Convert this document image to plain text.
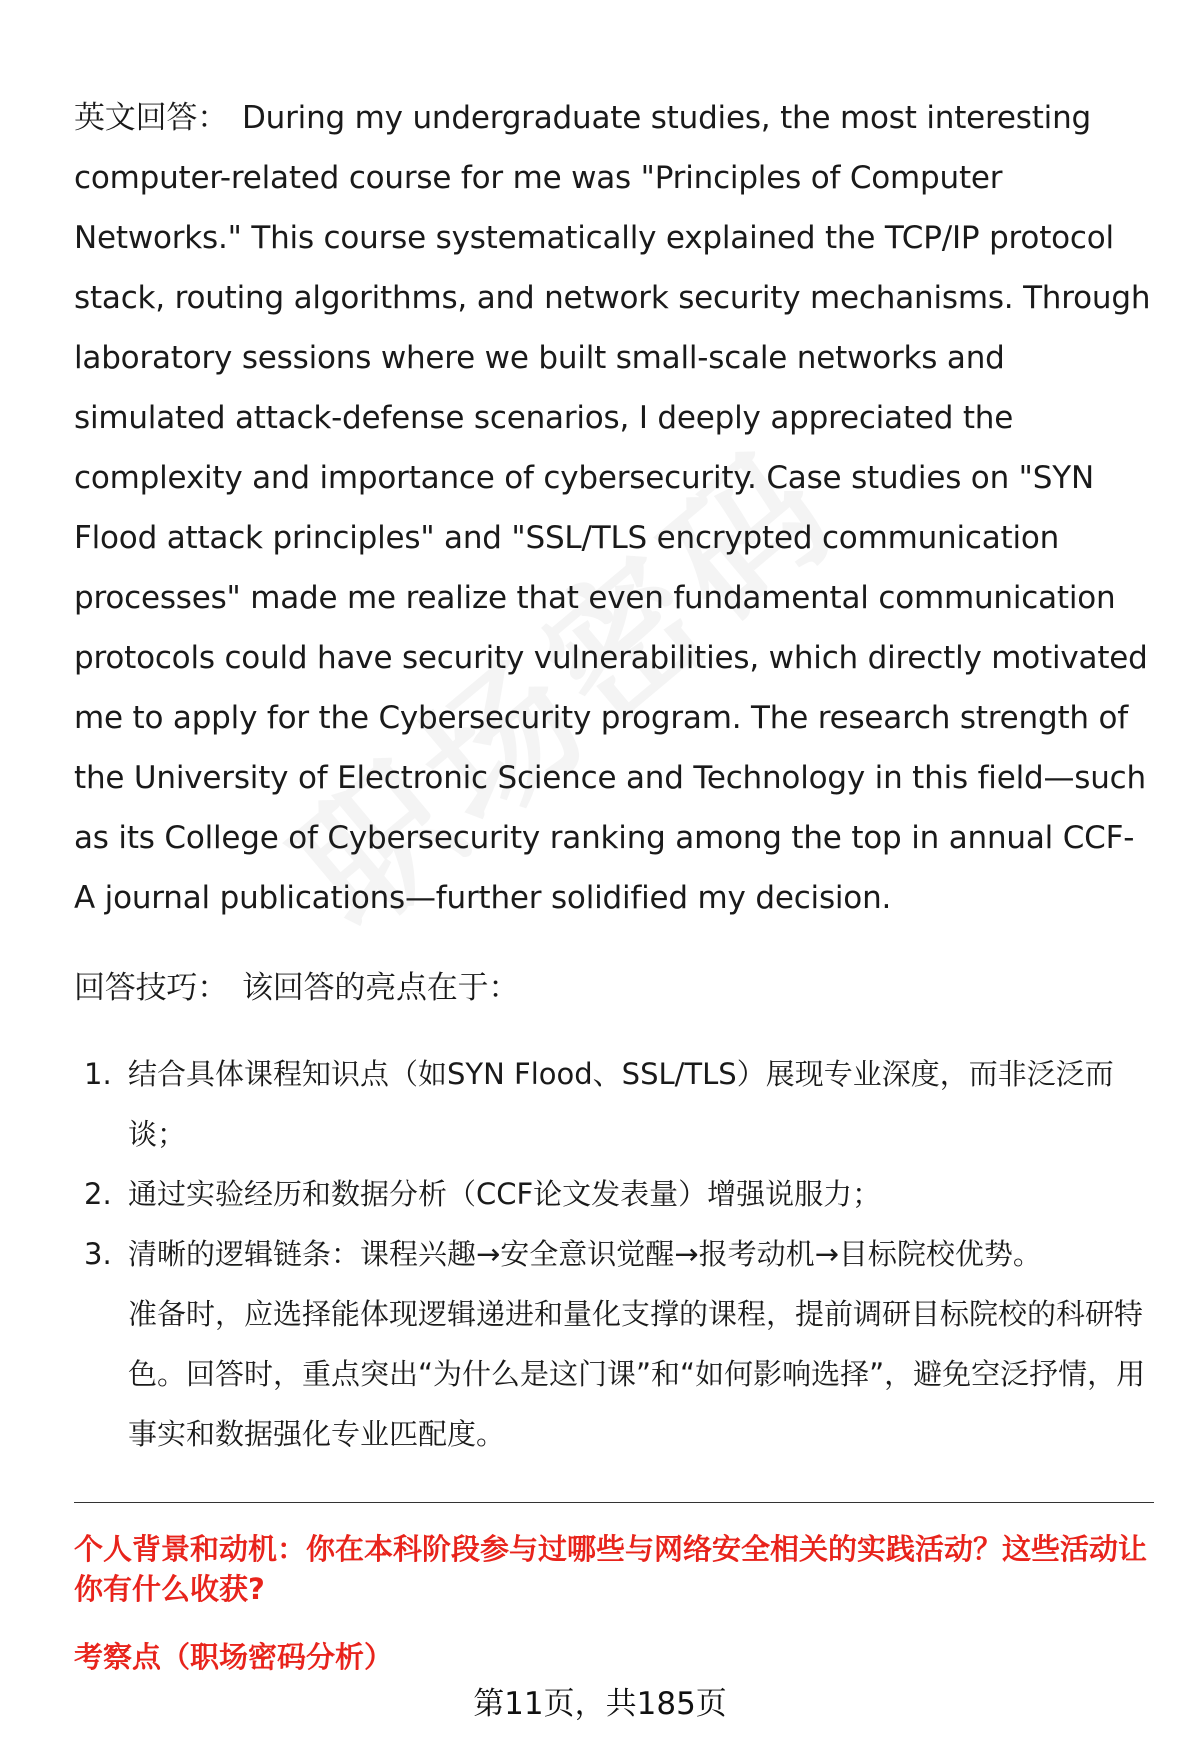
英文回答： During my undergraduate studies, the most interesting computer-related course for me was "Principles of Computer Networks." This course systematically explained the TCP/IP protocol stack, routing algorithms, and network security mechanisms. Through laboratory sessions where we built small-scale networks and simulated attack-defense scenarios, I deeply appreciated the complexity and importance of cybersecurity. Case studies on "SYN Flood attack principles" and "SSL/TLS encrypted communication processes" made me realize that even fundamental communication protocols could have security vulnerabilities, which directly motivated me to apply for the Cybersecurity program. The research strength of the University of Electronic Science and Technology in this field—such as its College of Cybersecurity ranking among the top in annual CCF-A journal publications—further solidified my decision.

回答技巧： 该回答的亮点在于：

1. 结合具体课程知识点（如SYN Flood、SSL/TLS）展现专业深度，而非泛泛而谈；
2. 通过实验经历和数据分析（CCF论文发表量）增强说服力；
3. 清晰的逻辑链条：课程兴趣→安全意识觉醒→报考动机→目标院校优势。

准备时，应选择能体现逻辑递进和量化支撑的课程，提前调研目标院校的科研特色。回答时，重点突出“为什么是这门课”和“如何影响选择”，避免空泛抒情，用事实和数据强化专业匹配度。

个人背景和动机：你在本科阶段参与过哪些与网络安全相关的实践活动？这些活动让你有什么收获?

考察点（职场密码分析）

第11页，共185页
